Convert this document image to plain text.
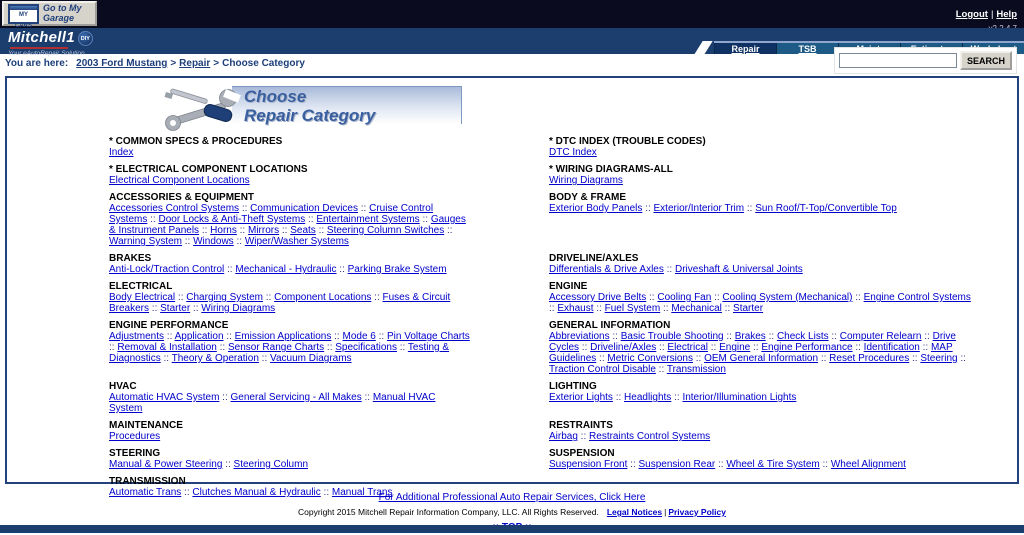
MY CARS
Go to My Garage	Logout | Help
Mitchell1 DIY
Your eAutoRepair Solution	Repair	TSB
You are here: 2003 Ford Mustang > Repair > Choose Category	SEARCH
Choose
Repair Category
* COMMON SPECS & PROCEDURES
Index
* DTC INDEX (TROUBLE CODES)
DTC Index
* ELECTRICAL COMPONENT LOCATIONS
Electrical Component Locations
* WIRING DIAGRAMS-ALL
Wiring Diagrams
ACCESSORIES & EQUIPMENT
Accessories Control Systems :: Communication Devices :: Cruise Control Systems :: Door Locks & Anti-Theft Systems :: Entertainment Systems :: Gauges & Instrument Panels :: Horns :: Mirrors :: Seats :: Steering Column Switches :: Warning System :: Windows :: Wiper/Washer Systems
BODY & FRAME
Exterior Body Panels :: Exterior/Interior Trim :: Sun Roof/T-Top/Convertible Top
BRAKES
Anti-Lock/Traction Control :: Mechanical - Hydraulic :: Parking Brake System
DRIVELINE/AXLES
Differentials & Drive Axles :: Driveshaft & Universal Joints
ELECTRICAL
Body Electrical :: Charging System :: Component Locations :: Fuses & Circuit Breakers :: Starter :: Wiring Diagrams
ENGINE
Accessory Drive Belts :: Cooling Fan :: Cooling System (Mechanical) :: Engine Control Systems :: Exhaust :: Fuel System :: Mechanical :: Starter
ENGINE PERFORMANCE
Adjustments :: Application :: Emission Applications :: Mode 6 :: Pin Voltage Charts :: Removal & Installation :: Sensor Range Charts :: Specifications :: Testing & Diagnostics :: Theory & Operation :: Vacuum Diagrams
GENERAL INFORMATION
Abbreviations :: Basic Trouble Shooting :: Brakes :: Check Lists :: Computer Relearn :: Drive Cycles :: Driveline/Axles :: Electrical :: Engine :: Engine Performance :: Identification :: MAP Guidelines :: Metric Conversions :: OEM General Information :: Reset Procedures :: Steering :: Traction Control Disable :: Transmission
HVAC
Automatic HVAC System :: General Servicing - All Makes :: Manual HVAC System
LIGHTING
Exterior Lights :: Headlights :: Interior/Illumination Lights
MAINTENANCE
Procedures
RESTRAINTS
Airbag :: Restraints Control Systems
STEERING
Manual & Power Steering :: Steering Column
SUSPENSION
Suspension Front :: Suspension Rear :: Wheel & Tire System :: Wheel Alignment
TRANSMISSION
Automatic Trans :: Clutches Manual & Hydraulic :: Manual Trans
For Additional Professional Auto Repair Services, Click Here
Copyright 2015 Mitchell Repair Information Company, LLC. All Rights Reserved. Legal Notices | Privacy Policy
